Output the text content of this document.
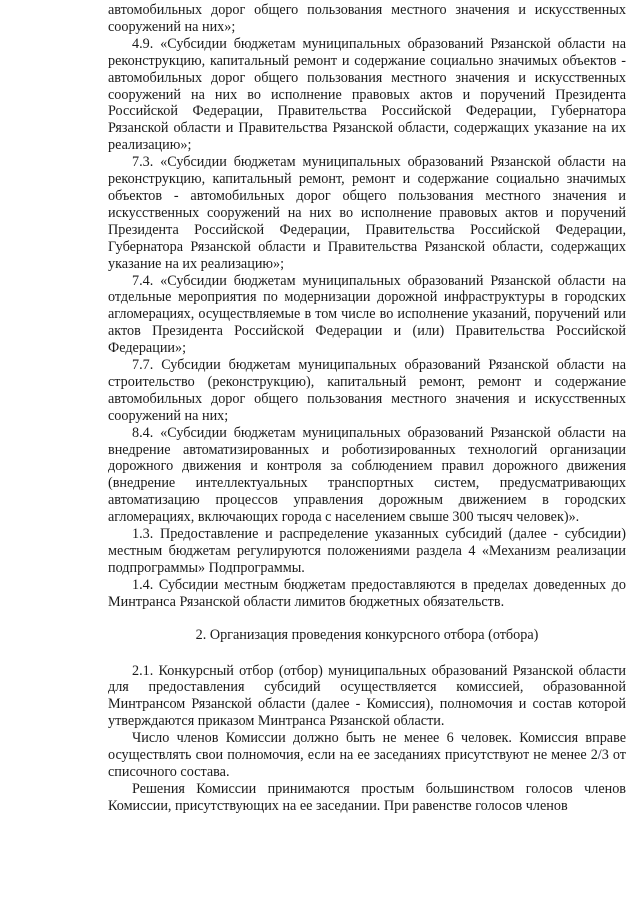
автомобильных дорог общего пользования местного значения и искусственных сооружений на них»;

4.9. «Субсидии бюджетам муниципальных образований Рязанской области на реконструкцию, капитальный ремонт и содержание социально значимых объектов - автомобильных дорог общего пользования местного значения и искусственных сооружений на них во исполнение правовых актов и поручений Президента Российской Федерации, Правительства Российской Федерации, Губернатора Рязанской области и Правительства Рязанской области, содержащих указание на их реализацию»;

7.3. «Субсидии бюджетам муниципальных образований Рязанской области на реконструкцию, капитальный ремонт, ремонт и содержание социально значимых объектов - автомобильных дорог общего пользования местного значения и искусственных сооружений на них во исполнение правовых актов и поручений Президента Российской Федерации, Правительства Российской Федерации, Губернатора Рязанской области и Правительства Рязанской области, содержащих указание на их реализацию»;

7.4. «Субсидии бюджетам муниципальных образований Рязанской области на отдельные мероприятия по модернизации дорожной инфраструктуры в городских агломерациях, осуществляемые в том числе во исполнение указаний, поручений или актов Президента Российской Федерации и (или) Правительства Российской Федерации»;

7.7. Субсидии бюджетам муниципальных образований Рязанской области на строительство (реконструкцию), капитальный ремонт, ремонт и содержание автомобильных дорог общего пользования местного значения и искусственных сооружений на них;

8.4. «Субсидии бюджетам муниципальных образований Рязанской области на внедрение автоматизированных и роботизированных технологий организации дорожного движения и контроля за соблюдением правил дорожного движения (внедрение интеллектуальных транспортных систем, предусматривающих автоматизацию процессов управления дорожным движением в городских агломерациях, включающих города с населением свыше 300 тысяч человек)».

1.3. Предоставление и распределение указанных субсидий (далее - субсидии) местным бюджетам регулируются положениями раздела 4 «Механизм реализации подпрограммы» Подпрограммы.

1.4. Субсидии местным бюджетам предоставляются в пределах доведенных до Минтранса Рязанской области лимитов бюджетных обязательств.

2. Организация проведения конкурсного отбора (отбора)

2.1. Конкурсный отбор (отбор) муниципальных образований Рязанской области для предоставления субсидий осуществляется комиссией, образованной Минтрансом Рязанской области (далее - Комиссия), полномочия и состав которой утверждаются приказом Минтранса Рязанской области.

Число членов Комиссии должно быть не менее 6 человек. Комиссия вправе осуществлять свои полномочия, если на ее заседаниях присутствуют не менее 2/3 от списочного состава.

Решения Комиссии принимаются простым большинством голосов членов Комиссии, присутствующих на ее заседании. При равенстве голосов членов
